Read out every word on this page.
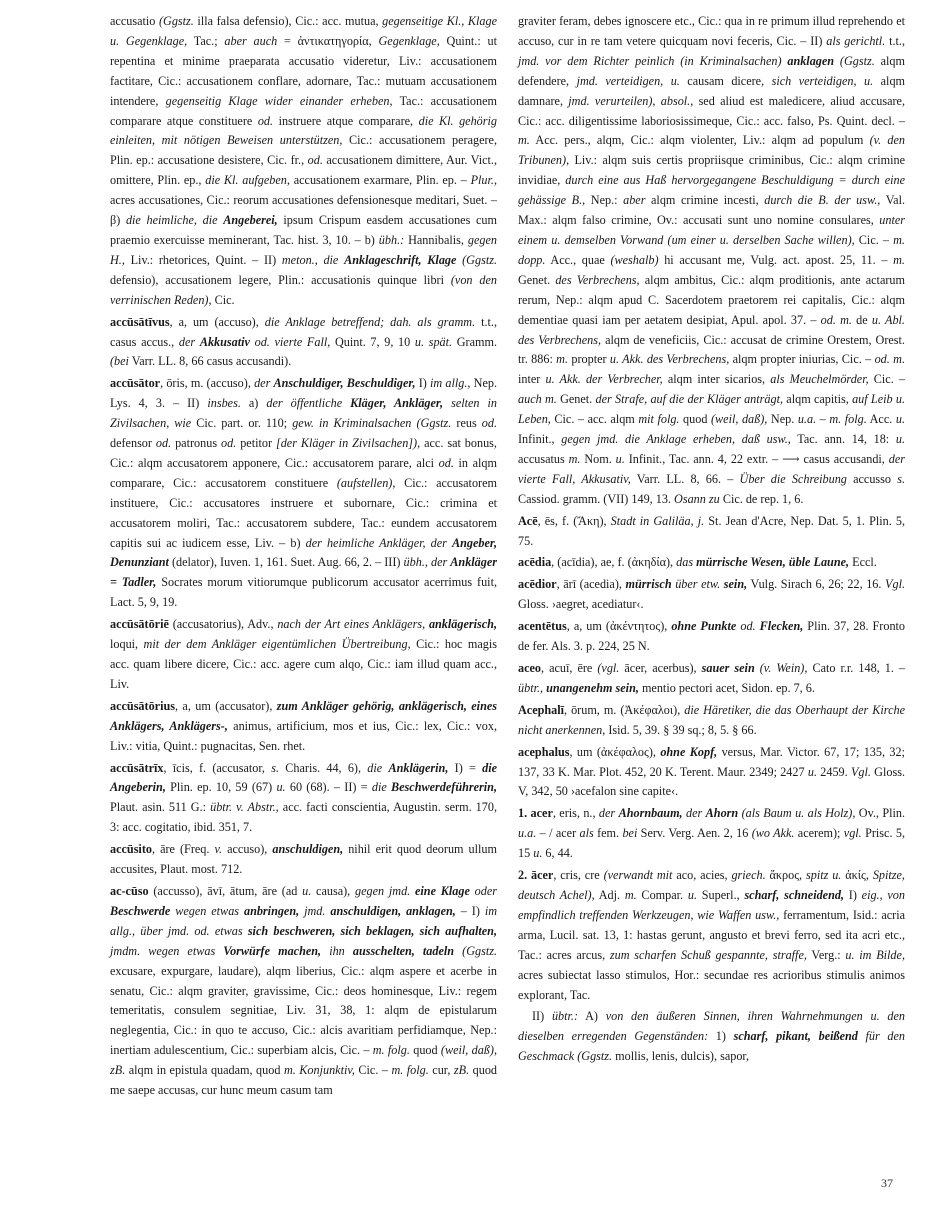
accusatio (Ggstz. illa falsa defensio), Cic.: acc. mutua, gegenseitige Kl., Klage u. Gegenklage, Tac.; aber auch = ἀντικατηγορία, Gegenklage, Quint.: ut repentina et minime praeparata accusatio videretur, Liv.: accusationem factitare, Cic.: accusationem conflare, adornare, Tac.: mutuam accusationem intendere, gegenseitig Klage wider einander erheben, Tac.: accusationem comparare atque constituere od. instruere atque comparare, die Kl. gehörig einleiten, mit nötigen Beweisen unterstützen, Cic.: accusationem peragere, Plin. ep.: accusatione desistere, Cic. fr., od. accusationem dimittere, Aur. Vict., omittere, Plin. ep., die Kl. aufgeben, accusationem exarmare, Plin. ep. – Plur., acres accusationes, Cic.: reorum accusationes defensionesque meditari, Suet. – β) die heimliche, die Angeberei, ipsum Crispum easdem accusationes cum praemio exercuisse meminerant, Tac. hist. 3, 10. – b) übh.: Hannibalis, gegen H., Liv.: rhetorices, Quint. – II) meton., die Anklageschrift, Klage (Ggstz. defensio), accusationem legere, Plin.: accusationis quinque libri (von den verrinischen Reden), Cic.

accūsātīvus, a, um (accuso), die Anklage betreffend; dah. als gramm. t.t., casus accus., der Akkusativ od. vierte Fall, Quint. 7, 9, 10 u. spät. Gramm. (bei Varr. LL. 8, 66 casus accusandi).

accūsātor, ōris, m. (accuso), der Anschuldiger, Beschuldiger, I) im allg., Nep. Lys. 4, 3. – II) insbes. a) der öffentliche Kläger, Ankläger, selten in Zivilsachen, wie Cic. part. or. 110; gew. in Kriminalsachen (Ggstz. reus od. defensor od. patronus od. petitor [der Kläger in Zivilsachen]), acc. sat bonus, Cic.: alqm accusatorem apponere, Cic.: accusatorem parare, alci od. in alqm comparare, Cic.: accusatorem constituere (aufstellen), Cic.: accusatorem instituere, Cic.: accusatores instruere et subornare, Cic.: crimina et accusatorem moliri, Tac.: accusatorem subdere, Tac.: eundem accusatorem capitis sui ac iudicem esse, Liv. – b) der heimliche Ankläger, der Angeber, Denunziant (delator), Iuven. 1, 161. Suet. Aug. 66, 2. – III) übh., der Ankläger = Tadler, Socrates morum vitiorumque publicorum accusator acerrimus fuit, Lact. 5, 9, 19.

accūsātōriē (accusatorius), Adv., nach der Art eines Anklägers, anklägerisch, loqui, mit der dem Ankläger eigentümlichen Übertreibung, Cic.: hoc magis acc. quam libere dicere, Cic.: acc. agere cum alqo, Cic.: iam illud quam acc., Liv.

accūsātōrius, a, um (accusator), zum Ankläger gehörig, anklägerisch, eines Anklägers, Anklägers-, animus, artificium, mos et ius, Cic.: lex, Cic.: vox, Liv.: vitia, Quint.: pugnacitas, Sen. rhet.

accūsātrīx, īcis, f. (accusator, s. Charis. 44, 6), die Anklägerin, I) = die Angeberin, Plin. ep. 10, 59 (67) u. 60 (68). – II) = die Beschwerdeführerin, Plaut. asin. 511 G.: übtr. v. Abstr., acc. facti conscientia, Augustin. serm. 170, 3: acc. cogitatio, ibid. 351, 7.

accūsito, āre (Freq. v. accuso), anschuldigen, nihil erit quod deorum ullum accusites, Plaut. most. 712.

ac-cūso (accusso), āvī, ātum, āre (ad u. causa), gegen jmd. eine Klage oder Beschwerde wegen etwas anbringen, jmd. anschuldigen, anklagen, – I) im allg., über jmd. od. etwas sich beschweren, sich beklagen, sich aufhalten, jmdm. wegen etwas Vorwürfe machen, ihn ausschelten, tadeln (Ggstz. excusare, expurgare, laudare), alqm liberius, Cic.: alqm aspere et acerbe in senatu, Cic.: alqm graviter, gravissime, Cic.: deos hominesque, Liv.: regem temeritatis, consulem segnitiae, Liv. 31, 38, 1: alqm de epistularum neglegentia, Cic.: in quo te accuso, Cic.: alcis avaritiam perfidiamque, Nep.: inertiam adulescentium, Cic.: superbiam alcis, Cic. – m. folg. quod (weil, daß), zB. alqm in epistula quadam, quod m. Konjunktiv, Cic. – m. folg. cur, zB. quod me saepe accusas, cur hunc meum casum tam

graviter feram, debes ignoscere etc., Cic.: qua in re primum illud reprehendo et accuso, cur in re tam vetere quicquam novi feceris, Cic. – II) als gerichtl. t.t., jmd. vor dem Richter peinlich (in Kriminalsachen) anklagen (Ggstz. alqm defendere, jmd. verteidigen, u. causam dicere, sich verteidigen, u. alqm damnare, jmd. verurteilen), absol., sed aliud est maledicere, aliud accusare, Cic.: acc. diligentissime laboriosissimeque, Cic.: acc. falso, Ps. Quint. decl. – m. Acc. pers., alqm, Cic.: alqm violenter, Liv.: alqm ad populum (v. den Tribunen), Liv.: alqm suis certis propriisque criminibus, Cic.: alqm crimine invidiae, durch eine aus Haß hervorgegangene Beschuldigung = durch eine gehässige B., Nep.: aber alqm crimine incesti, durch die B. der usw., Val. Max.: alqm falso crimine, Ov.: accusati sunt uno nomine consulares, unter einem u. demselben Vorwand (um einer u. derselben Sache willen), Cic. – m. dopp. Acc., quae (weshalb) hi accusant me, Vulg. act. apost. 25, 11. – m. Genet. des Verbrechens, alqm ambitus, Cic.: alqm proditionis, ante actarum rerum, Nep.: alqm apud C. Sacerdotem praetorem rei capitalis, Cic.: alqm dementiae quasi iam per aetatem desipiat, Apul. apol. 37. – od. m. de u. Abl. des Verbrechens, alqm de veneficiis, Cic.: accusat de crimine Orestem, Orest. tr. 886: m. propter u. Akk. des Verbrechens, alqm propter iniurias, Cic. – od. m. inter u. Akk. der Verbrecher, alqm inter sicarios, als Meuchelmörder, Cic. – auch m. Genet. der Strafe, auf die der Kläger anträgt, alqm capitis, auf Leib u. Leben, Cic. – acc. alqm mit folg. quod (weil, daß), Nep. u.a. – m. folg. Acc. u. Infinit., gegen jmd. die Anklage erheben, daß usw., Tac. ann. 14, 18: u. accusatus m. Nom. u. Infinit., Tac. ann. 4, 22 extr. – ⟶ casus accusandi, der vierte Fall, Akkusativ, Varr. LL. 8, 66. – Über die Schreibung accusso s. Cassiod. gramm. (VII) 149, 13. Osann zu Cic. de rep. 1, 6.

Acē, ēs, f. (Ἄκη), Stadt in Galiläa, j. St. Jean d'Acre, Nep. Dat. 5, 1. Plin. 5, 75.

acēdia, (acīdia), ae, f. (ἀκηδία), das mürrische Wesen, üble Laune, Eccl.

acēdior, ārī (acedia), mürrisch über etw. sein, Vulg. Sirach 6, 26; 22, 16. Vgl. Gloss. ›aegret, acediatur‹.

acentētus, a, um (ἀκέντητος), ohne Punkte od. Flecken, Plin. 37, 28. Fronto de fer. Als. 3. p. 224, 25 N.

aceo, acuī, ēre (vgl. ācer, acerbus), sauer sein (v. Wein), Cato r.r. 148, 1. – übtr., unangenehm sein, mentio pectori acet, Sidon. ep. 7, 6.

Acephalī, ōrum, m. (Ἀκέφαλοι), die Häretiker, die das Oberhaupt der Kirche nicht anerkennen, Isid. 5, 39. § 39 sq.; 8, 5. § 66.

acephalus, um (ἀκέφαλος), ohne Kopf, versus, Mar. Victor. 67, 17; 135, 32; 137, 33 K. Mar. Plot. 452, 20 K. Terent. Maur. 2349; 2427 u. 2459. Vgl. Gloss. V, 342, 50 ›acefalon sine capite‹.

1. acer, eris, n., der Ahornbaum, der Ahorn (als Baum u. als Holz), Ov., Plin. u.a. – / acer als fem. bei Serv. Verg. Aen. 2, 16 (wo Akk. acerem); vgl. Prisc. 5, 15 u. 6, 44.

2. ācer, cris, cre (verwandt mit aco, acies, griech. ἄκρος, spitz u. ἀκίς, Spitze, deutsch Achel), Adj. m. Compar. u. Superl., scharf, schneidend, I) eig., von empfindlich treffenden Werkzeugen, wie Waffen usw., ferramentum, Isid.: acria arma, Lucil. sat. 13, 1: hastas gerunt, angusto et brevi ferro, sed ita acri etc., Tac.: acres arcus, zum scharfen Schuß gespannte, straffe, Verg.: u. im Bilde, acres subiectat lasso stimulos, Hor.: secundae res acrioribus stimulis animos explorant, Tac.

II) übtr.: A) von den äußeren Sinnen, ihren Wahrnehmungen u. den dieselben erregenden Gegenständen: 1) scharf, pikant, beißend für den Geschmack (Ggstz. mollis, lenis, dulcis), sapor,

37
